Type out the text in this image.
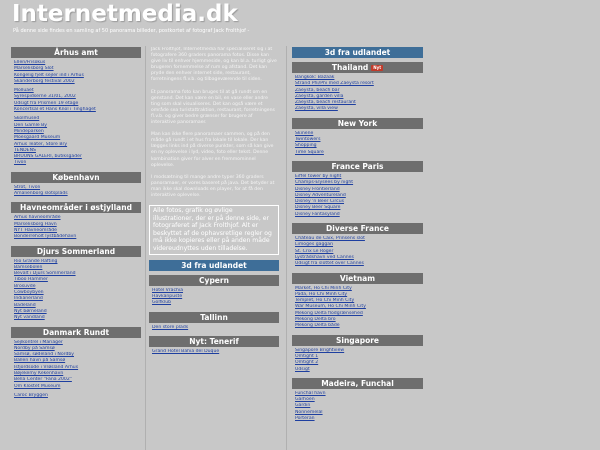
Internetmedia.dk
På denne side findes en samling af 50 panorama billeder, postkortet af fotograf Jack Frolthjof -
Århus amt
Ellen/Frisökus
Marselisborg Slot
Kongelig fjelt sejler ind i Århus
Skanderborg festival 2002
Molluaet
Syrespidserne 31/01, 2002
Udsigt fra Prismen 19 etage
Koncertsal et Hans Knol i Tinghaget
Skolrhused
Den Gamle By
Mindeparken
Moesgaard Museum
Århus Teater, Store Bry
TENDENS
BRUUNS GALERI, butiksgader
Tivoli
København
Ströt, Tivoli
Amalienborg slotsplads
Havneområder i østjylland
Århus havneområde
Marselisborg Havn
NYT Havneområde
Bonderreholt lystbådehavn
Djurs Sommerland
Rio Grande Rafting
Bamsebolen
Bevalt i Djurs Sommerland
Tiboo Hammer
Brosuvde
Cowboybyen
Indianerland
Badeland
Nyt børneland
Nyt vandland
Danmark Rundt
Sejlkontrel i Mariager
Nordby på Samsø
Samsø, sødeland i Nordby
Ballen havn på Samsø
Isfjordsode i Vrøsland Århus
Bøjekemy Kekenhavn
Bella Center "Fana 2002"
Om Klostet Museum
Caroc Bryggen

Jack Frolthjof, Internetmedia har specialiseret sig i at fotografere 360 graders panorama fotos. Disse kan give liv til enhver hjemmeside, og kan bl.a. turligt give brugeren fornemmelse af rum og afstand. Det kan pryde den enhver internet side, restaurant, forretningens fl.v.b. og tilbageværende til siden.

Et panorama foto kan bruges til at gå rundt om en genstand. Det kan være en bil, en vase eller andre ting som skal visualiseres. Det kan også være et område sea turistattraktion, restaurant, forretningens fl.v.b. og giver bedre grænser for brugere af interaktive panoramaer.

Man kan ikke flere panoramaer sammen, og på den måde gå rundt i et hus fra lokale til lokale. Der kan lægges links ind på diverse punkter, som så kan give en ny oplevelse i lyd, video, foto eller tekst. Denne kombination giver for alver en fremmominnel oplevelse.

I modsætning til mange andre typer 360 graders panoramaer, er vores baseret på java. Det betyder at man ikke skal downloads en player, for at få den interaktive oplevelse.

Alle fotos, grafik og øvlige illustrationer, der er på denne side, er fotograferet af Jack Frolthjof. Alt er beskyttet af de ophavsretlige regler og må ikke kopieres eller på anden måde videreudnyttes uden tilladelse.
3d fra udlandet
Cypern
Hotel Vrachia
Havkanpuste
Golfklub
Tallinn
Den store plads
Nyt: Tenerif
Grand Hotel Bahia del Duque
3d fra udlandet
Thailand Nyt
Bangkok: Bazaak
Strand Phi/Phi med Zaeysta resort
Zaeysta, beach bar
Zaeysta, garden villa
Zaeysta, beach restaurant
Zaeysta, villa view
New York
Skinene
Twintowers
Shopping
Time Square
France Paris
Eiffel tower by night
Champs-Elysées by night
Disney Frontierland
Disney Adventureland
Disney 'n Beer Circus
Disney Beer Square
Disney Fantasyland
Diverse France
Château de Caix, Prinsens slot
Limoges gaggan
St. Crix Le Roger
Lystrådshavn ved Cannes
Udsigt fra slottet over Cannes
Vietnam
Market, Ho Chi Minh City
Pada, Ho Chi Minh City
Templet, Ho Chi Minh City
War Museum, Ho Chi Minh City
Mekong Delta flodgrænsehed
Mekong Delta bro
Mekong Delta både
Singapore
Singapore Brightview
Omtight 1
Omtight 2
Udsigt
Madeira, Funchal
Funchal havn
Garhoen
Gardin
Nonnemelal
Porteran
